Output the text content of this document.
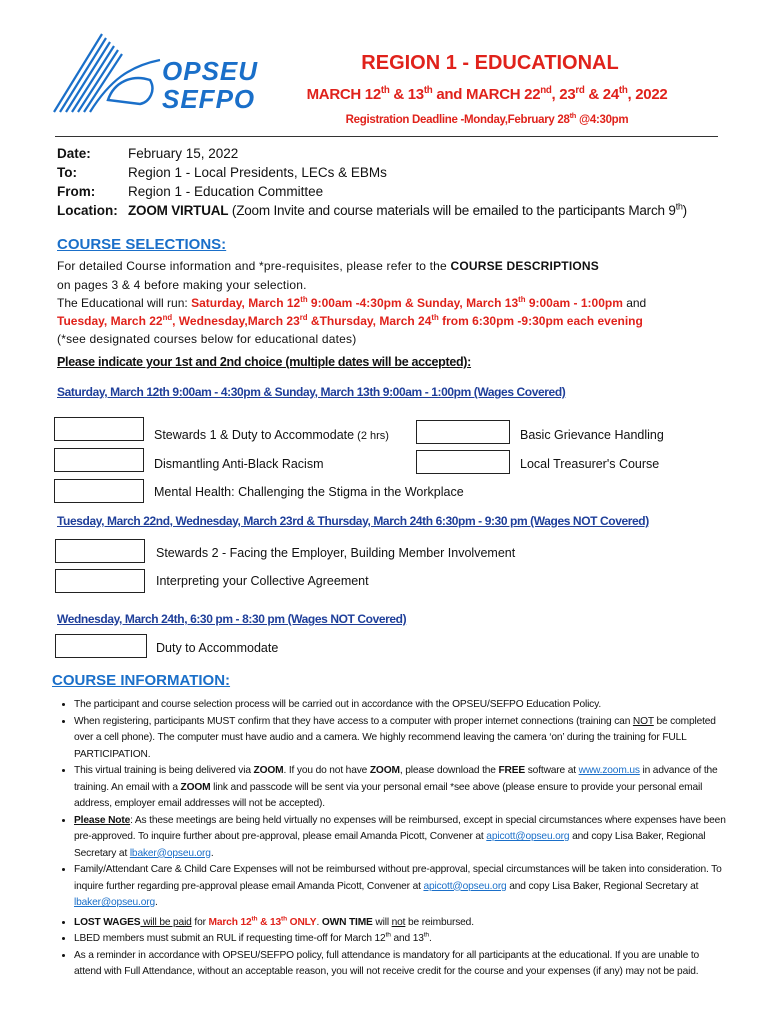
OPSEU
SEFPO
REGION 1 - EDUCATIONAL
MARCH 12th & 13th and MARCH 22nd, 23rd & 24th, 2022
Registration Deadline -Monday,February 28th @4:30pm
Date:	February 15, 2022
To:	Region 1 - Local Presidents, LECs & EBMs
From: Region 1 - Education Committee
Location: ZOOM VIRTUAL (Zoom Invite and course materials will be emailed to the participants March 9th)
COURSE SELECTIONS:
For detailed Course information and *pre-requisites, please refer to the COURSE DESCRIPTIONS
on pages 3 & 4 before making your selection.
The Educational will run: Saturday, March 12th 9:00am -4:30pm & Sunday, March 13th 9:00am - 1:00pm and
Tuesday, March 22nd, Wednesday,March 23rd &Thursday, March 24th from 6:30pm -9:30pm each evening
(*see designated courses below for educational dates)
Please indicate your 1st and 2nd choice (multiple dates will be accepted):
Saturday, March 12th 9:00am - 4:30pm & Sunday, March 13th 9:00am - 1:00pm (Wages Covered)
Stewards 1 & Duty to Accommodate (2 hrs)	Basic Grievance Handling
Dismantling Anti-Black Racism	Local Treasurer's Course
Mental Health: Challenging the Stigma in the Workplace
Tuesday, March 22nd, Wednesday, March 23rd & Thursday, March 24th 6:30pm - 9:30 pm (Wages NOT Covered)
Stewards 2 - Facing the Employer, Building Member Involvement
Interpreting your Collective Agreement
Wednesday, March 24th, 6:30 pm - 8:30 pm (Wages NOT Covered)
Duty to Accommodate
COURSE INFORMATION:
• The participant and course selection process will be carried out in accordance with the OPSEU/SEFPO Education Policy.
• When registering, participants MUST confirm that they have access to a computer with proper internet connections (training can NOT be completed over a cell phone). The computer must have audio and a camera. We highly recommend leaving the camera ‘on’ during the training for FULL PARTICIPATION.
• This virtual training is being delivered via ZOOM. If you do not have ZOOM, please download the FREE software at www.zoom.us in advance of the training. An email with a ZOOM link and passcode will be sent via your personal email *see above (please ensure to provide your personal email address, employer email addresses will not be accepted).
• Please Note: As these meetings are being held virtually no expenses will be reimbursed, except in special circumstances where expenses have been pre-approved. To inquire further about pre-approval, please email Amanda Picott, Convener at apicott@opseu.org and copy Lisa Baker, Regional Secretary at lbaker@opseu.org.
• Family/Attendant Care & Child Care Expenses will not be reimbursed without pre-approval, special circumstances will be taken into consideration. To inquire further regarding pre-approval please email Amanda Picott, Convener at apicott@opseu.org and copy Lisa Baker, Regional Secretary at lbaker@opseu.org.
• LOST WAGES will be paid for March 12th & 13th ONLY. OWN TIME will not be reimbursed.
• LBED members must submit an RUL if requesting time-off for March 12th and 13th.
• As a reminder in accordance with OPSEU/SEFPO policy, full attendance is mandatory for all participants at the educational. If you are unable to attend with Full Attendance, without an acceptable reason, you will not receive credit for the course and your expenses (if any) may not be paid.
